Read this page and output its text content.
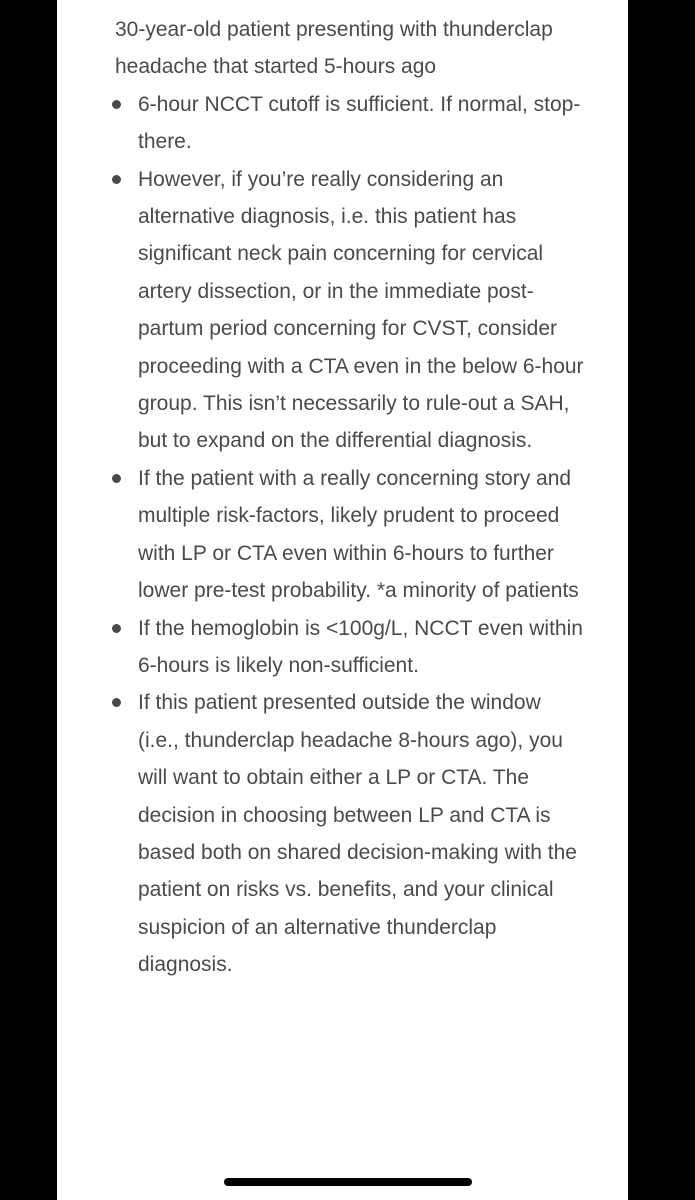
30-year-old patient presenting with thunderclap headache that started 5-hours ago

6-hour NCCT cutoff is sufficient. If normal, stop-there.
However, if you’re really considering an alternative diagnosis, i.e. this patient has significant neck pain concerning for cervical artery dissection, or in the immediate post-partum period concerning for CVST, consider proceeding with a CTA even in the below 6-hour group. This isn’t necessarily to rule-out a SAH, but to expand on the differential diagnosis.
If the patient with a really concerning story and multiple risk-factors, likely prudent to proceed with LP or CTA even within 6-hours to further lower pre-test probability. *a minority of patients
If the hemoglobin is <100g/L, NCCT even within 6-hours is likely non-sufficient.
If this patient presented outside the window (i.e., thunderclap headache 8-hours ago), you will want to obtain either a LP or CTA. The decision in choosing between LP and CTA is based both on shared decision-making with the patient on risks vs. benefits, and your clinical suspicion of an alternative thunderclap diagnosis.
